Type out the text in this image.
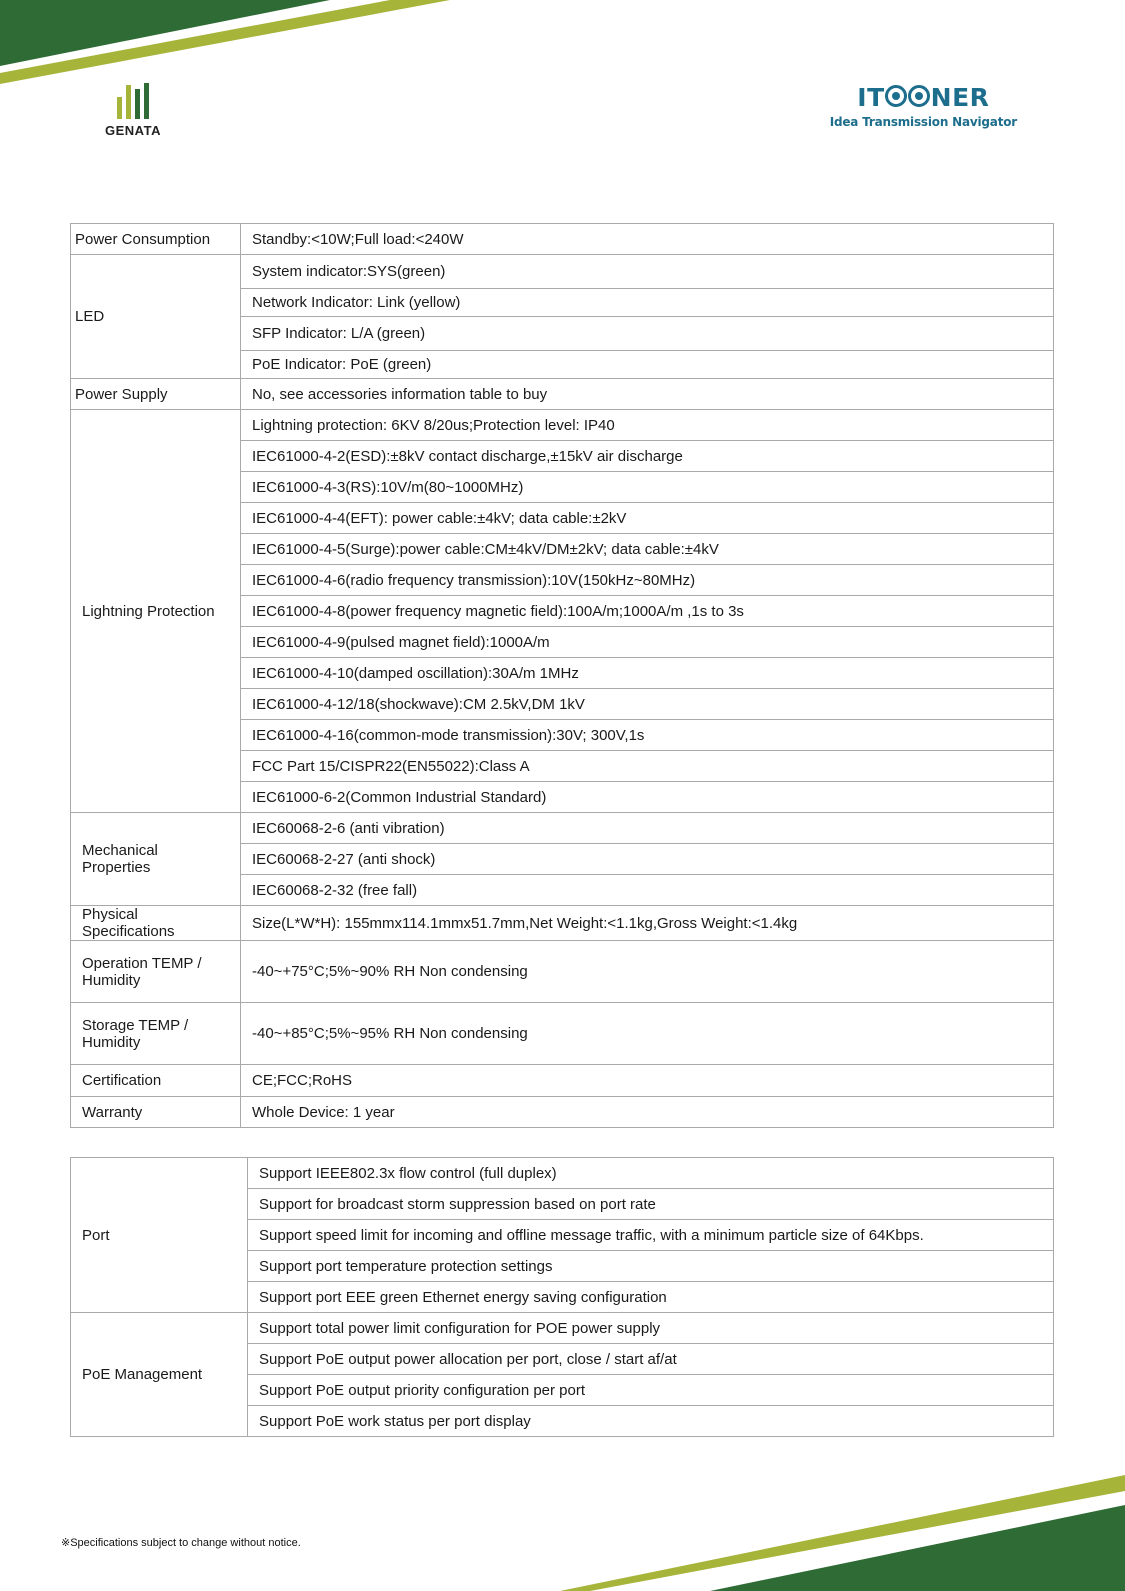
GENATA
IT NER
Idea Transmission Navigator
Power Consumption	Standby:<10W;Full load:<240W
LED	System indicator:SYS(green)
	Network Indicator: Link (yellow)
	SFP Indicator: L/A (green)
	PoE Indicator: PoE (green)
Power Supply	No, see accessories information table to buy
Lightning Protection	Lightning protection: 6KV 8/20us;Protection level: IP40
	IEC61000-4-2(ESD):±8kV contact discharge,±15kV air discharge
	IEC61000-4-3(RS):10V/m(80~1000MHz)
	IEC61000-4-4(EFT): power cable:±4kV; data cable:±2kV
	IEC61000-4-5(Surge):power cable:CM±4kV/DM±2kV; data cable:±4kV
	IEC61000-4-6(radio frequency transmission):10V(150kHz~80MHz)
	IEC61000-4-8(power frequency magnetic field):100A/m;1000A/m ,1s to 3s
	IEC61000-4-9(pulsed magnet field):1000A/m
	IEC61000-4-10(damped oscillation):30A/m 1MHz
	IEC61000-4-12/18(shockwave):CM 2.5kV,DM 1kV
	IEC61000-4-16(common-mode transmission):30V; 300V,1s
	FCC Part 15/CISPR22(EN55022):Class A
	IEC61000-6-2(Common Industrial Standard)
Mechanical Properties	IEC60068-2-6 (anti vibration)
	IEC60068-2-27 (anti shock)
	IEC60068-2-32 (free fall)
Physical Specifications	Size(L*W*H): 155mmx114.1mmx51.7mm,Net Weight:<1.1kg,Gross Weight:<1.4kg
Operation TEMP / Humidity	-40~+75°C;5%~90% RH Non condensing
Storage TEMP / Humidity	-40~+85°C;5%~95% RH Non condensing
Certification	CE;FCC;RoHS
Warranty	Whole Device: 1 year
Port	Support IEEE802.3x flow control (full duplex)
	Support for broadcast storm suppression based on port rate
	Support speed limit for incoming and offline message traffic, with a minimum particle size of 64Kbps.
	Support port temperature protection settings
	Support port EEE green Ethernet energy saving configuration
PoE Management	Support total power limit configuration for POE power supply
	Support PoE output power allocation per port, close / start af/at
	Support PoE output priority configuration per port
	Support PoE work status per port display
※Specifications subject to change without notice.
